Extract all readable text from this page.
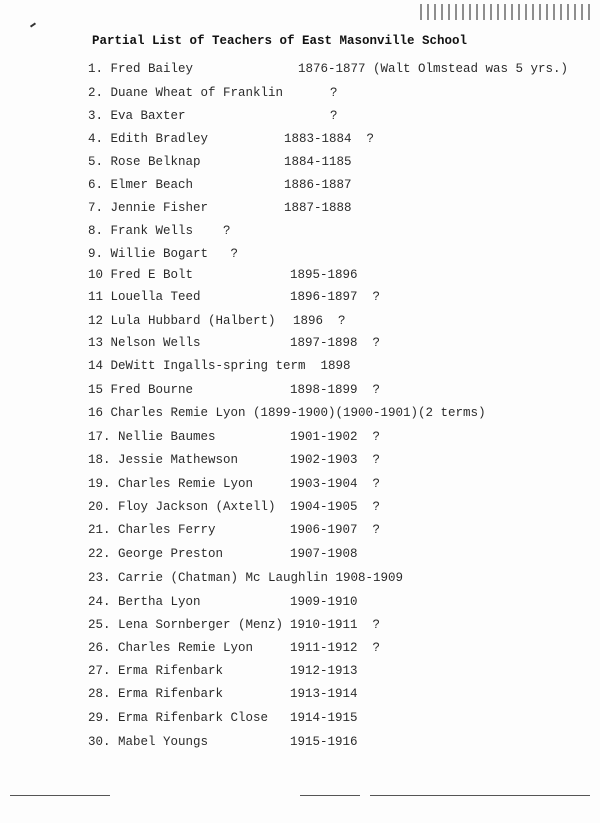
Partial List of Teachers of East Masonville School
1. Fred Bailey	1876-1877 (Walt Olmstead was 5 yrs.)
2. Duane Wheat of Franklin	?
3. Eva Baxter	?
4. Edith Bradley	1883-1884  ?
5. Rose Belknap	1884-1185
6. Elmer Beach	1886-1887
7. Jennie Fisher	1887-1888
8. Frank Wells    ?
9. Willie Bogart   ?
10 Fred E Bolt	1895-1896
11 Louella Teed	1896-1897  ?
12 Lula Hubbard (Halbert) 1896  ?
13 Nelson Wells	1897-1898  ?
14 DeWitt Ingalls-spring term  1898
15 Fred Bourne	1898-1899  ?
16 Charles Remie Lyon (1899-1900)(1900-1901)(2 terms)
17. Nellie Baumes	1901-1902  ?
18. Jessie Mathewson	1902-1903  ?
19. Charles Remie Lyon	1903-1904  ?
20. Floy Jackson (Axtell) 1904-1905  ?
21. Charles Ferry	1906-1907  ?
22. George Preston	1907-1908
23. Carrie (Chatman) Mc Laughlin 1908-1909
24. Bertha Lyon	1909-1910
25. Lena Sornberger (Menz) 1910-1911  ?
26. Charles Remie Lyon	1911-1912  ?
27. Erma Rifenbark	1912-1913
28. Erma Rifenbark	1913-1914
29. Erma Rifenbark Close 1914-1915
30. Mabel Youngs	1915-1916
